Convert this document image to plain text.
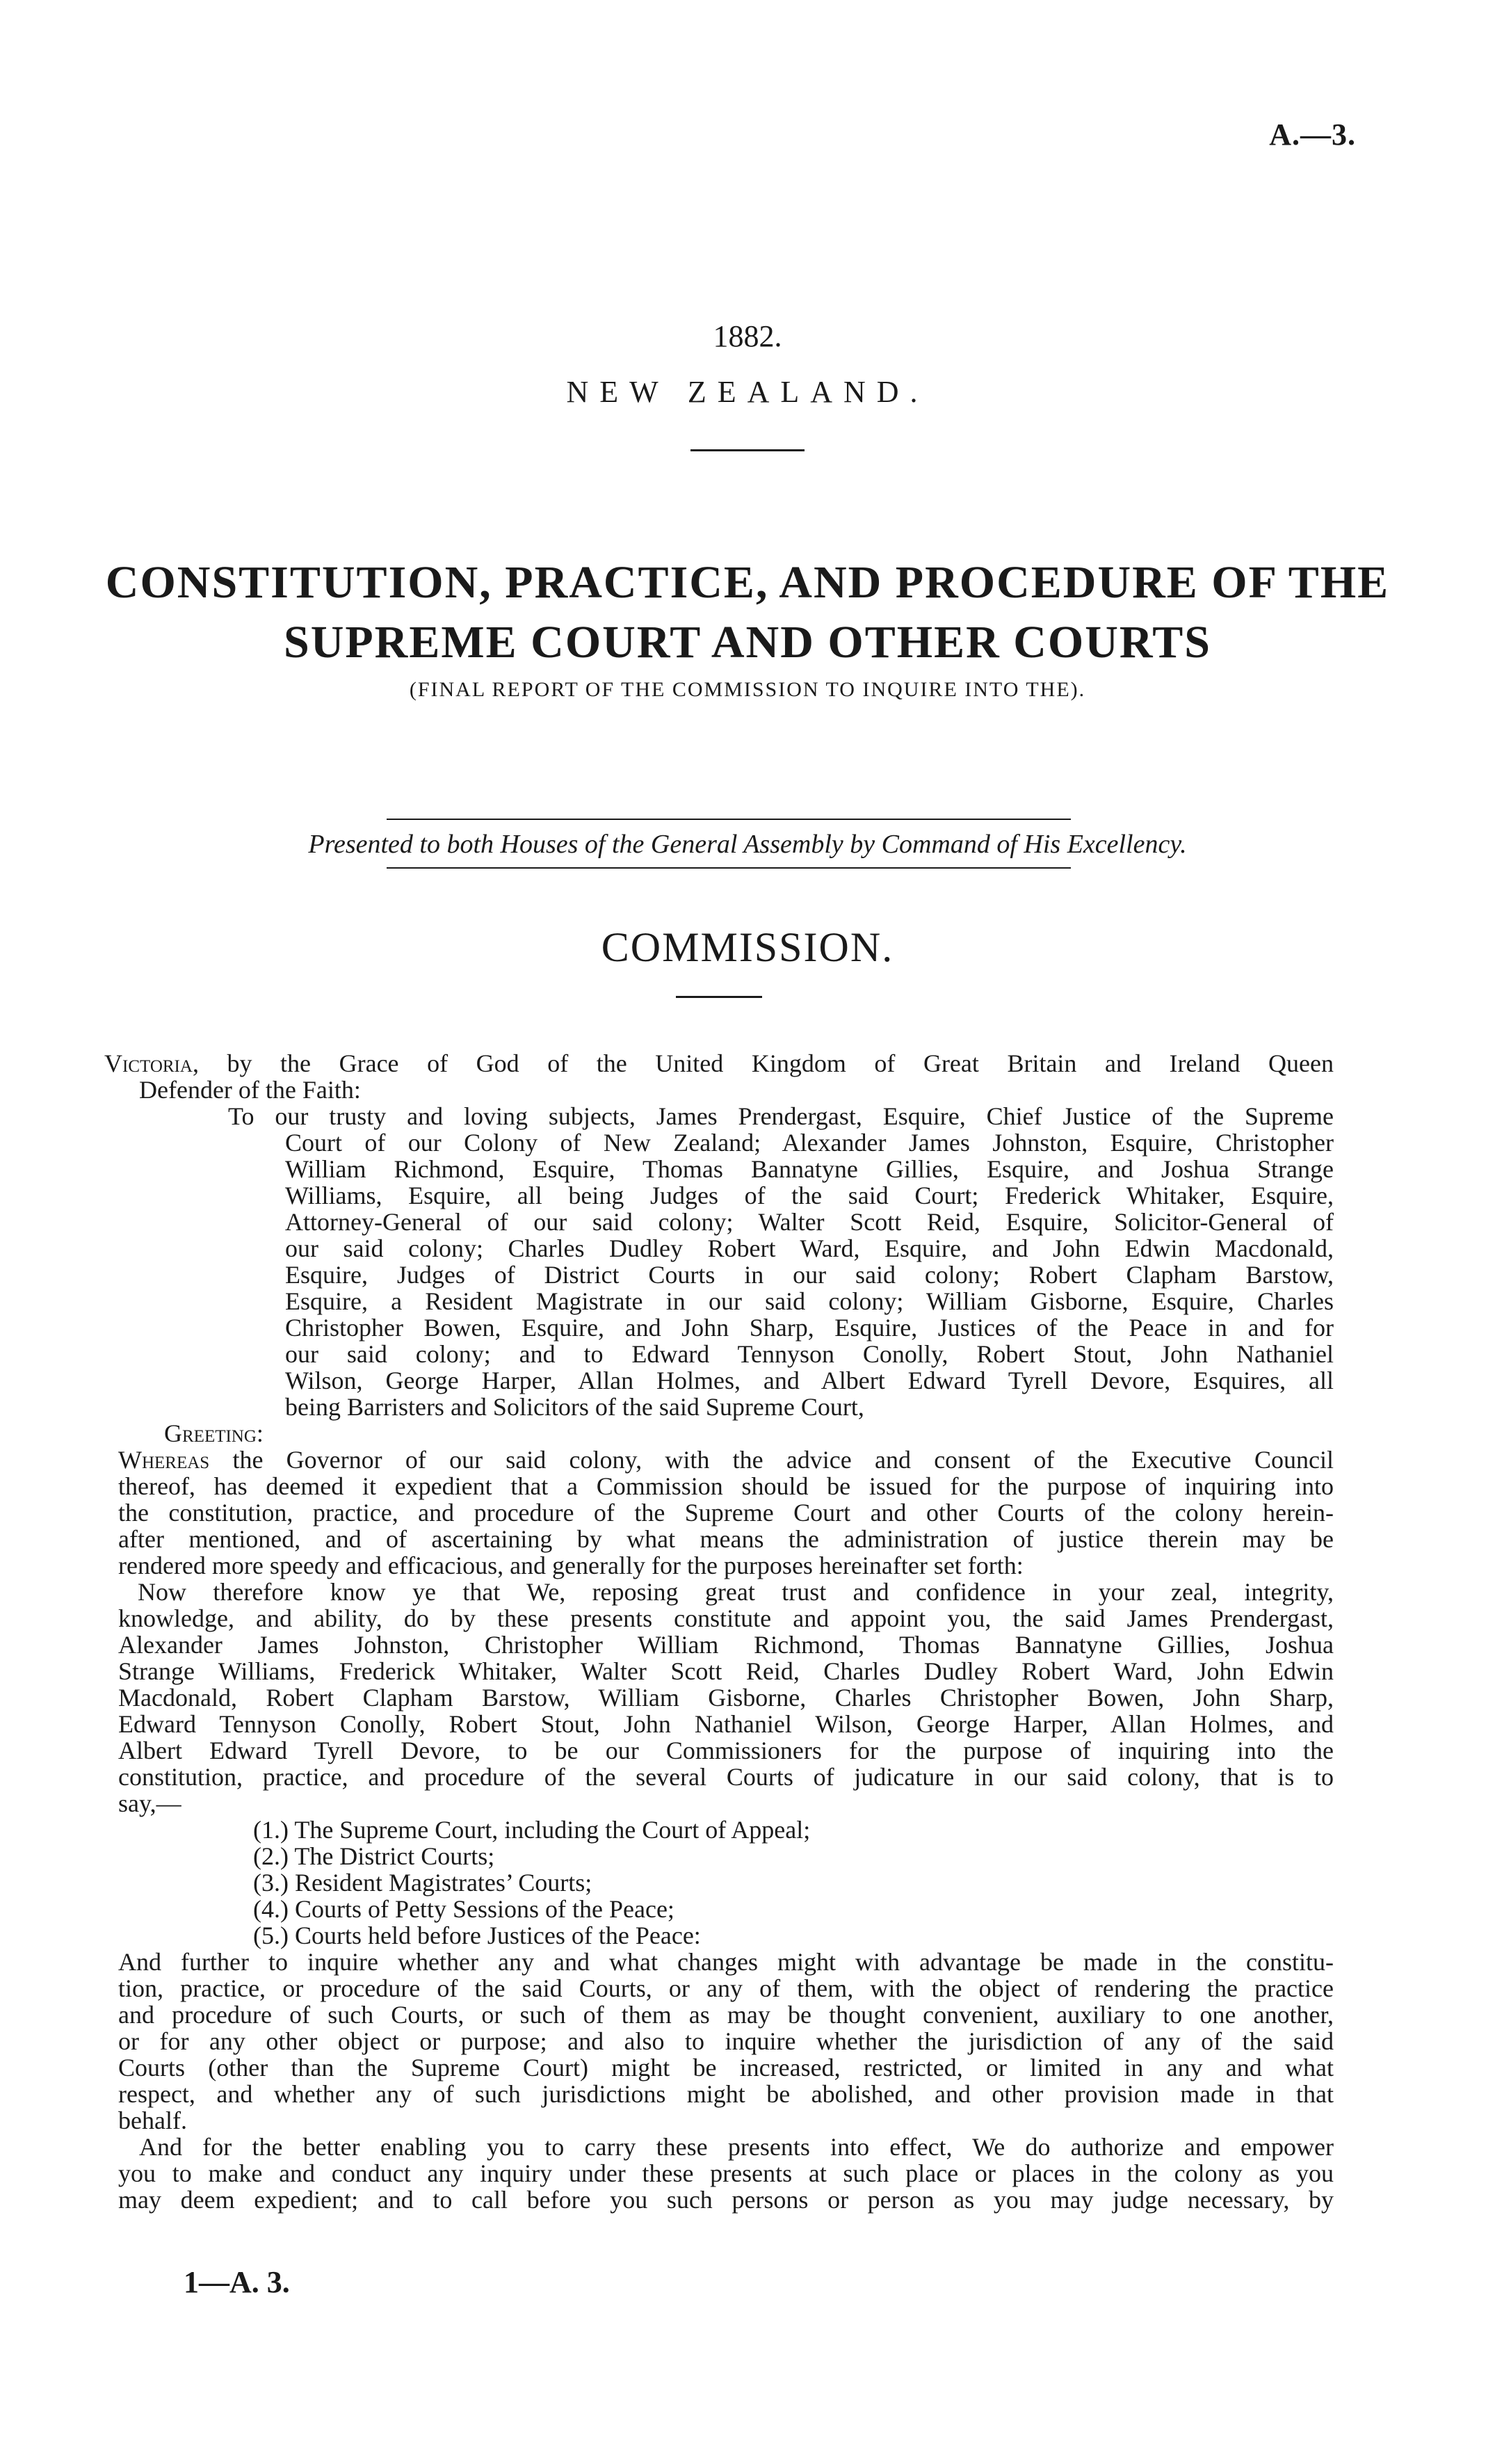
A.—3.
1882.
NEW ZEALAND.
CONSTITUTION, PRACTICE, AND PROCEDURE OF THE
SUPREME COURT AND OTHER COURTS
(FINAL REPORT OF THE COMMISSION TO INQUIRE INTO THE).
Presented to both Houses of the General Assembly by Command of His Excellency.
COMMISSION.
Victoria, by the Grace of God of the United Kingdom of Great Britain and Ireland Queen
Defender of the Faith:
To our trusty and loving subjects, James Prendergast, Esquire, Chief Justice of the Supreme
Court of our Colony of New Zealand; Alexander James Johnston, Esquire, Christopher
William Richmond, Esquire, Thomas Bannatyne Gillies, Esquire, and Joshua Strange
Williams, Esquire, all being Judges of the said Court; Frederick Whitaker, Esquire,
Attorney-General of our said colony; Walter Scott Reid, Esquire, Solicitor-General of
our said colony; Charles Dudley Robert Ward, Esquire, and John Edwin Macdonald,
Esquire, Judges of District Courts in our said colony; Robert Clapham Barstow,
Esquire, a Resident Magistrate in our said colony; William Gisborne, Esquire, Charles
Christopher Bowen, Esquire, and John Sharp, Esquire, Justices of the Peace in and for
our said colony; and to Edward Tennyson Conolly, Robert Stout, John Nathaniel
Wilson, George Harper, Allan Holmes, and Albert Edward Tyrell Devore, Esquires, all
being Barristers and Solicitors of the said Supreme Court,
Greeting:
Whereas the Governor of our said colony, with the advice and consent of the Executive Council
thereof, has deemed it expedient that a Commission should be issued for the purpose of inquiring into
the constitution, practice, and procedure of the Supreme Court and other Courts of the colony herein-
after mentioned, and of ascertaining by what means the administration of justice therein may be
rendered more speedy and efficacious, and generally for the purposes hereinafter set forth:
Now therefore know ye that We, reposing great trust and confidence in your zeal, integrity,
knowledge, and ability, do by these presents constitute and appoint you, the said James Prendergast,
Alexander James Johnston, Christopher William Richmond, Thomas Bannatyne Gillies, Joshua
Strange Williams, Frederick Whitaker, Walter Scott Reid, Charles Dudley Robert Ward, John Edwin
Macdonald, Robert Clapham Barstow, William Gisborne, Charles Christopher Bowen, John Sharp,
Edward Tennyson Conolly, Robert Stout, John Nathaniel Wilson, George Harper, Allan Holmes, and
Albert Edward Tyrell Devore, to be our Commissioners for the purpose of inquiring into the
constitution, practice, and procedure of the several Courts of judicature in our said colony, that is to
say,—
(1.) The Supreme Court, including the Court of Appeal;
(2.) The District Courts;
(3.) Resident Magistrates’ Courts;
(4.) Courts of Petty Sessions of the Peace;
(5.) Courts held before Justices of the Peace:
And further to inquire whether any and what changes might with advantage be made in the constitu-
tion, practice, or procedure of the said Courts, or any of them, with the object of rendering the practice
and procedure of such Courts, or such of them as may be thought convenient, auxiliary to one another,
or for any other object or purpose; and also to inquire whether the jurisdiction of any of the said
Courts (other than the Supreme Court) might be increased, restricted, or limited in any and what
respect, and whether any of such jurisdictions might be abolished, and other provision made in that
behalf.
And for the better enabling you to carry these presents into effect, We do authorize and empower
you to make and conduct any inquiry under these presents at such place or places in the colony as you
may deem expedient; and to call before you such persons or person as you may judge necessary, by
1—A. 3.
